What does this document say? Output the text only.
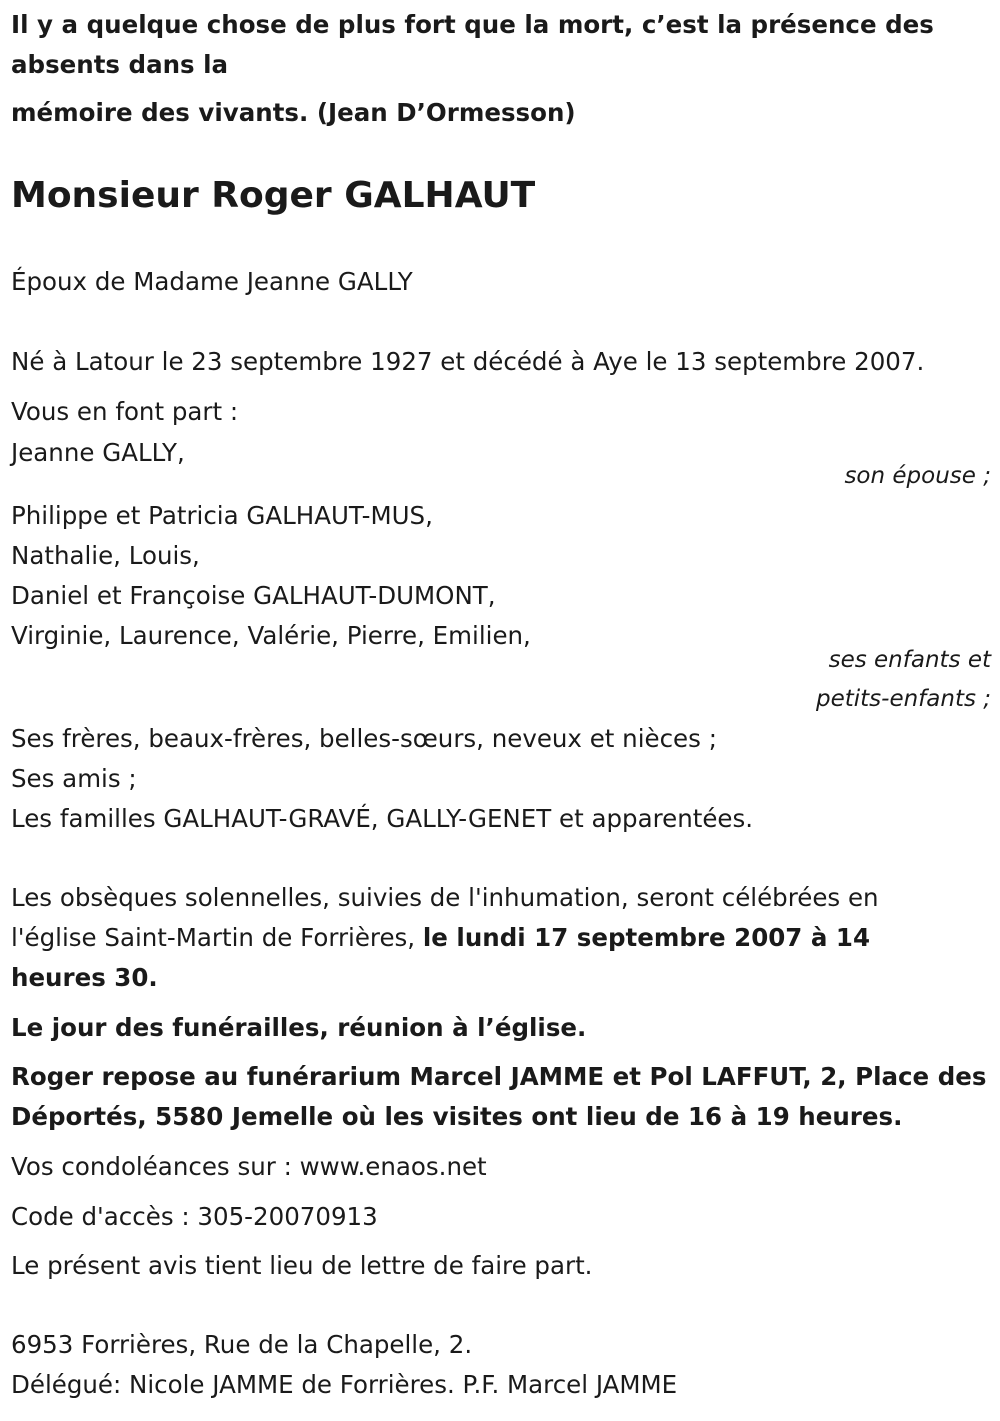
Il y a quelque chose de plus fort que la mort, c’est la présence des
absents dans la
mémoire des vivants. (Jean D’Ormesson)
Monsieur Roger GALHAUT
Époux de Madame Jeanne GALLY
Né à Latour le 23 septembre 1927 et décédé à Aye le 13 septembre 2007.
Vous en font part :
Jeanne GALLY,
son épouse ;
Philippe et Patricia GALHAUT-MUS,
Nathalie, Louis,
Daniel et Françoise GALHAUT-DUMONT,
Virginie, Laurence, Valérie, Pierre, Emilien,
ses enfants et
petits-enfants ;
Ses frères, beaux-frères, belles-sœurs, neveux et nièces ;
Ses amis ;
Les familles GALHAUT-GRAVÉ, GALLY-GENET et apparentées.
Les obsèques solennelles, suivies de l'inhumation, seront célébrées en
l'église Saint-Martin de Forrières, le lundi 17 septembre 2007 à 14
heures 30.
Le jour des funérailles, réunion à l’église.
Roger repose au funérarium Marcel JAMME et Pol LAFFUT, 2, Place des
Déportés, 5580 Jemelle où les visites ont lieu de 16 à 19 heures.
Vos condoléances sur : www.enaos.net
Code d'accès : 305-20070913
Le présent avis tient lieu de lettre de faire part.
6953 Forrières, Rue de la Chapelle, 2.
Délégué: Nicole JAMME de Forrières. P.F. Marcel JAMME
